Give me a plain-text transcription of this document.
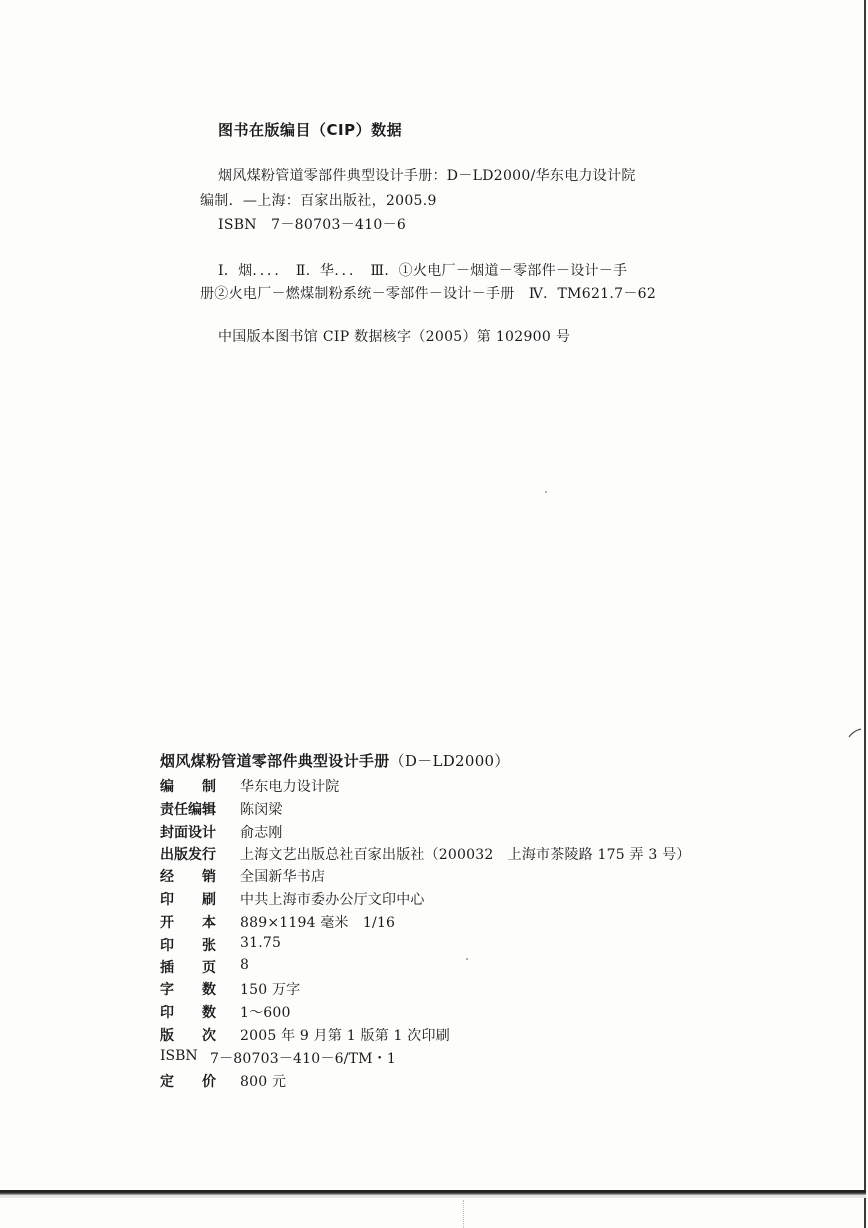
图书在版编目（CIP）数据
烟风煤粉管道零部件典型设计手册：D－LD2000/华东电力设计院
编制．—上海：百家出版社，2005.9
ISBN　7－80703－410－6
Ⅰ．烟．．．．　Ⅱ．华．．．　Ⅲ．①火电厂－烟道－零部件－设计－手
册②火电厂－燃煤制粉系统－零部件－设计－手册　Ⅳ．TM621.7－62
中国版本图书馆 CIP 数据核字（2005）第 102900 号
烟风煤粉管道零部件典型设计手册（D－LD2000）
编　　制	华东电力设计院
责任编辑	陈闵梁
封面设计	俞志刚
出版发行	上海文艺出版总社百家出版社（200032　上海市茶陵路 175 弄 3 号）
经　　销	全国新华书店
印　　刷	中共上海市委办公厅文印中心
开　　本	889×1194 毫米　1/16
印　　张	31.75
插　　页	8
字　　数	150 万字
印　　数	1～600
版　　次	2005 年 9 月第 1 版第 1 次印刷
ISBN 7－80703－410－6/TM・1
定　　价	800 元
